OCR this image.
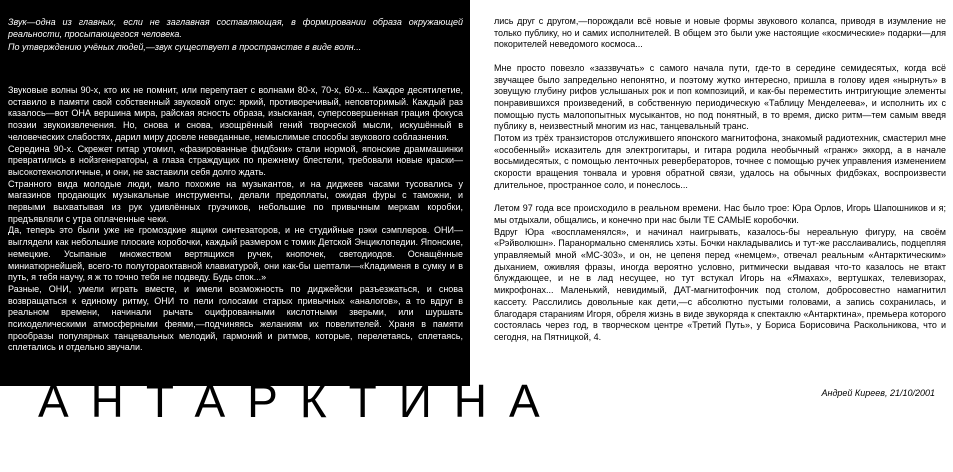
Звук—одна из главных, если не заглавная составляющая, в формировании образа окружающей реальности, просыпающегося человека.

По утверждению учёных людей,—звук существует в пространстве в виде волн...

Звуковые волны 90-х, кто их не помнит, или перепутает с волнами 80-х, 70-х, 60-х... Каждое десятилетие, оставило в памяти свой собственный звуковой опус: яркий, противоречивый, неповторимый. Каждый раз казалось—вот ОНА вершина мира, райская ясность образа, изысканая, суперсовершенная грация фокуса поэзии звукоизвлечения. Но, снова и снова, изощрённый гений творческой мысли, искушённый в человеческих слабостях, дарил миру доселе неведанные, немыслимые способы звукового соблазнения.

Середина 90-х. Скрежет гитар утомил, «фазированные фидбэки» стали нормой, японские драммашинки превратились в нойзгенераторы, а глаза страждущих по прежнему блестели, требовали новые краски—высокотехнологичные, и они, не заставили себя долго ждать.

Странного вида молодые люди, мало похожие на музыкантов, и на диджеев часами тусовались у магазинов продающих музыкальные инструменты, делали предоплаты, ожидая фуры с таможни, и первыми выхватывая из рук удивлённых грузчиков, небольшие по привычным меркам коробки, предъявляли с утра оплаченные чеки.

Да, теперь это были уже не громоздкие ящики синтезаторов, и не студийные рэки сэмплеров. ОНИ—выглядели как небольшие плоские коробочки, каждый размером с томик Детской Энциклопедии. Японские, немецкие. Усыпаные множеством вертящихся ручек, кнопочек, светодиодов. Оснащённые миниатюрнейшей, всего-то полутораоктавной клавиатурой, они как-бы шептали—«Кладименя в сумку и в путь, я тебя научу, я ж то точно тебя не подведу. Будь спок...»

Разные, ОНИ, умели играть вместе, и имели возможность по диджейски разъезжаться, и снова возвращаться к единому ритму, ОНИ то пели голосами старых привычных «аналогов», а то вдруг в реальном времени, начинали рычать оцифрованными кислотными зверьми, или шуршать психоделическими атмосферными феями,—подчиняясь желаниям их повелителей. Храня в памяти прообразы популярных танцевальных мелодий, гармоний и ритмов, которые, перелетаясь, сплетаясь, сплетались и отдельно звучали.

лись друг с другом,—порождали всё новые и новые формы звукового колапса, приводя в изумление не только публику, но и самих исполнителей. В общем это были уже настоящие «космические» подарки—для покорителей неведомого космоса...

Мне просто повезло «заззвучать» с самого начала пути, где-то в середине семидесятых, когда всё звучащее было запредельно непонятно, и поэтому жутко интересно, пришла в голову идея «нырнуть» в зовущую глубину рифов услышаных рок и поп композиций, и как-бы переместить интригующие элементы понравившихся произведений, в собственную периодическую «Таблицу Менделеева», и исполнить их с помощью пусть малопопытных мусыкантов, но под понятный, в то время, диско ритм—тем самым введя публику в, неизвестный многим из нас, танцевальный транс.

Потом из трёх транзисторов отслужившего японского магнитофона, знакомый радиотехник, смастерил мне «особенный» исказитель для электрогитары, и гитара родила необычный «гранж» эккорд, а в начале восьмидесятых, с помощью ленточных ревербераторов, точнее с помощью ручек управления изменением скорости вращения тонвала и уровня обратной связи, удалось на обычных фидбэках, воспроизвести длительное, пространное соло, и понеслось...

Летом 97 года все происходило в реальном времени. Нас было трое: Юра Орлов, Игорь Шапошников и я; мы отдыхали, общались, и конечно при нас были ТЕ САМЫЕ коробочки.

Вдруг Юра «воспламенялся», и начинал наигрывать, казалось-бы нереальную фигуру, на своём «Рэйволюшн». Паранормально сменялись хэты. Бочки накладывались и тут-же расслаивались, подцепляя управляемый мной «MC-303», и он, не цепеня перед «немцем», отвечал реальным «Антарктическим» дыханием, оживляя фразы, иногда вероятно условно, ритмически выдавая что-то казалось не втакт блуждающее, и не в лад несущее, но тут встукал Игорь на «Ямахах», вертушках, телевизорах, микрофонах... Маленький, невидимый, ДАТ-магнитофончик под столом, добросовестно намагнитил кассету. Расслились довольные как дети,—с абсолютно пустыми головами, а запись сохранилась, и благодаря стараниям Игоря, обреля жизнь в виде звукоряда к спектаклю «Антарктина», премьера которого состоялась через год, в творческом центре «Третий Путь», у Бориса Борисовича Раскольникова, что и сегодня, на Пятницкой, 4.

Андрей Киреев, 21/10/2001
АНТАРКТИНА
